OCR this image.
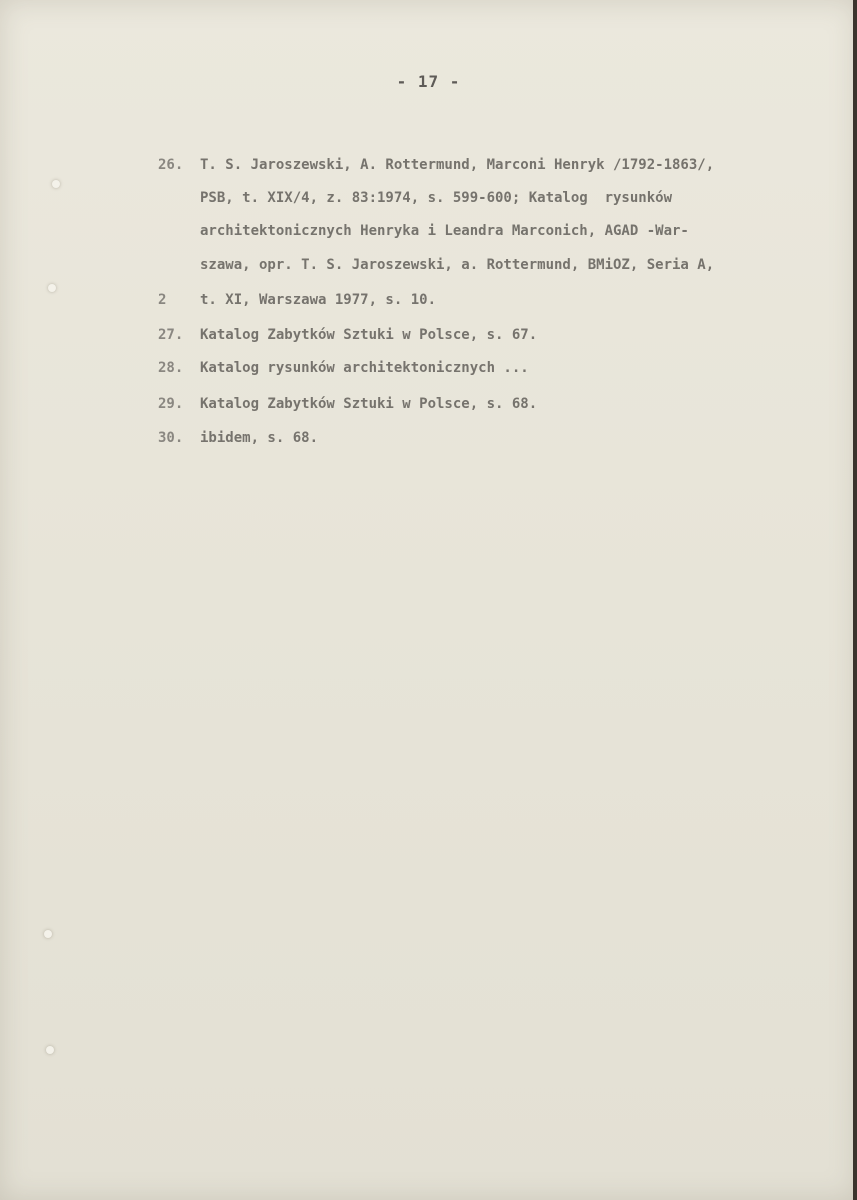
- 17 -
26. T. S. Jaroszewski, A. Rottermund, Marconi Henryk /1792-1863/,
PSB, t. XIX/4, z. 83:1974, s. 599-600; Katalog  rysunków
architektonicznych Henryka i Leandra Marconich, AGAD -War-
szawa, opr. T. S. Jaroszewski, a. Rottermund, BMiOZ, Seria A,
2 t. XI, Warszawa 1977, s. 10.
27. Katalog Zabytków Sztuki w Polsce, s. 67.
28. Katalog rysunków architektonicznych ...
29. Katalog Zabytków Sztuki w Polsce, s. 68.
30. ibidem, s. 68.
